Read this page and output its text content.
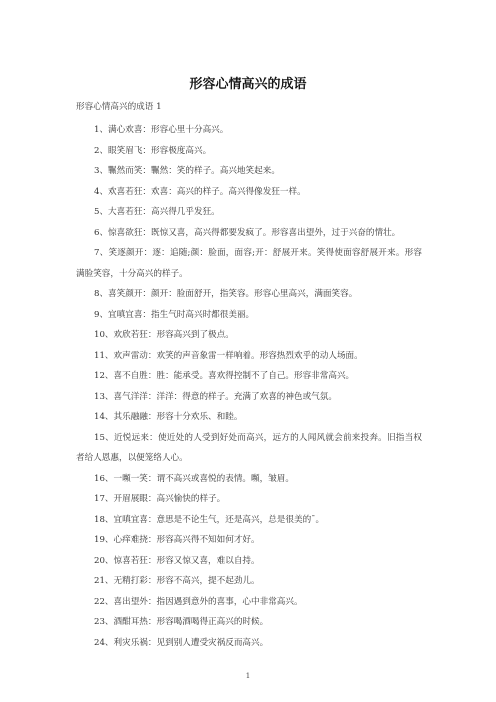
形容心情高兴的成语
形容心情高兴的成语 1
1、满心欢喜：形容心里十分高兴。
2、眼笑眉飞：形容极度高兴。
3、囅然而笑：囅然：笑的样子。高兴地笑起来。
4、欢喜若狂：欢喜：高兴的样子。高兴得像发狂一样。
5、大喜若狂：高兴得几乎发狂。
6、惊喜欲狂：既惊又喜，高兴得都要发疯了。形容喜出望外，过于兴奋的情壮。
7、笑逐颜开：逐：追随;颜：脸面，面容;开：舒展开来。笑得使面容舒展开来。形容满脸笑容，十分高兴的样子。
8、喜笑颜开：颜开：脸面舒开，指笑容。形容心里高兴，满面笑容。
9、宜嗔宜喜：指生气时高兴时都很美丽。
10、欢欣若狂：形容高兴到了极点。
11、欢声雷动：欢笑的声音象雷一样响着。形容热烈欢乎的动人场面。
12、喜不自胜：胜：能承受。喜欢得控制不了自己。形容非常高兴。
13、喜气洋洋：洋洋：得意的样子。充满了欢喜的神色或气氛。
14、其乐融融：形容十分欢乐、和睦。
15、近悦远来：使近处的人受到好处而高兴，远方的人闻风就会前来投奔。旧指当权者给人恩惠，以便笼络人心。
16、一嚬一笑：谓不高兴或喜悦的表情。嚬，皱眉。
17、开眉展眼：高兴愉快的样子。
18、宜嗔宜喜：意思是不论生气，还是高兴，总是很美的ˉ。
19、心痒难挠：形容高兴得不知如何才好。
20、惊喜若狂：形容又惊又喜，难以自持。
21、无精打彩：形容不高兴，提不起劲儿。
22、喜出望外：指因遇到意外的喜事，心中非常高兴。
23、酒酣耳热：形容喝酒喝得正高兴的时候。
24、利灾乐祸：见到别人遭受灾祸反而高兴。
1
